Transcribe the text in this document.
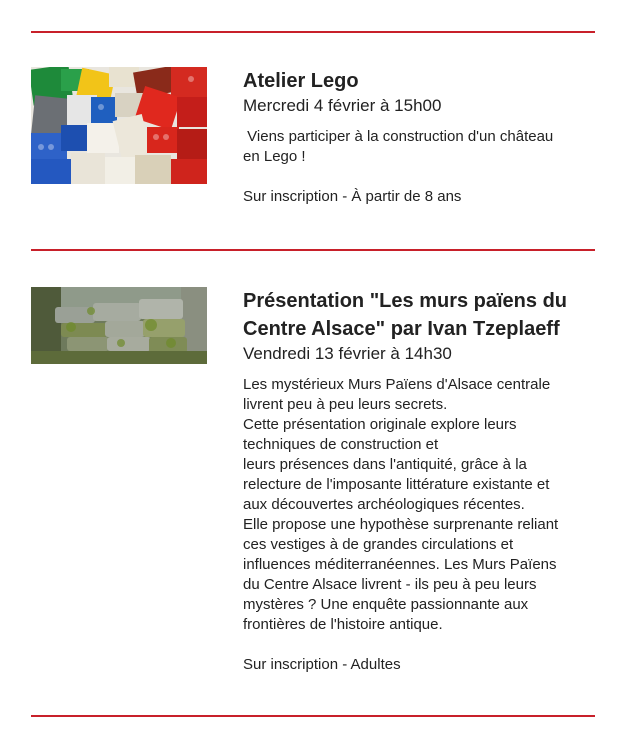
Atelier Lego

Mercredi 4 février à 15h00

Viens participer à la construction d'un château

en Lego !

Sur inscription - À partir de 8 ans

Présentation "Les murs païens du
Centre Alsace" par Ivan Tzeplaeff

Vendredi 13 février à 14h30

Les mystérieux Murs Païens d'Alsace centrale

livrent peu à peu leurs secrets.

Cette présentation originale explore leurs

techniques de construction et

leurs présences dans l'antiquité, grâce à la

relecture de l'imposante littérature existante et

aux découvertes archéologiques récentes.

Elle propose une hypothèse surprenante reliant

ces vestiges à de grandes circulations et

influences méditerranéennes. Les Murs Païens

du Centre Alsace livrent - ils peu à peu leurs

mystères ? Une enquête passionnante aux

frontières de l'histoire antique.

Sur inscription - Adultes
